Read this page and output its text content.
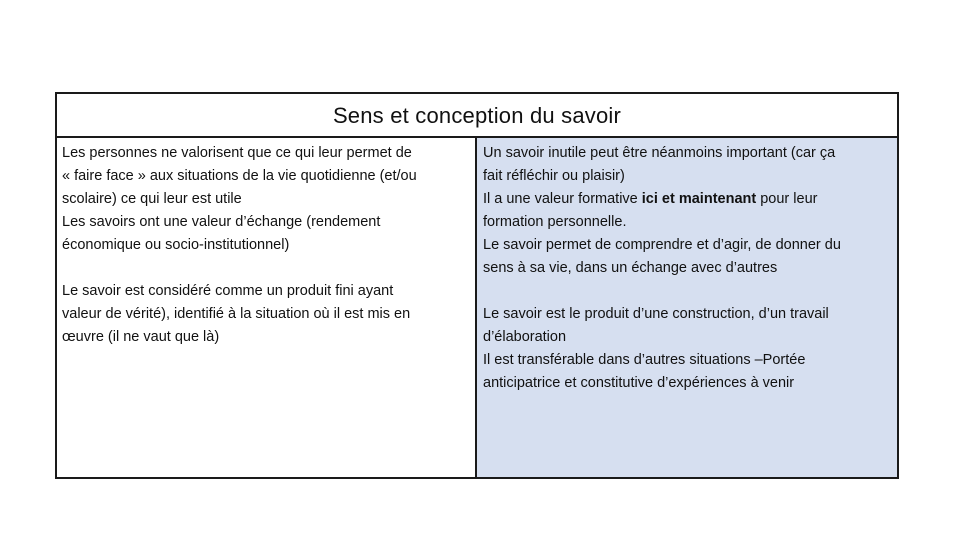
Sens et conception du savoir

Les personnes ne valorisent que ce qui leur permet de
« faire face » aux situations de la vie quotidienne (et/ou
scolaire) ce qui leur est utile
Les savoirs ont une valeur d’échange (rendement
économique ou socio-institutionnel)

Le savoir est considéré comme un produit fini ayant
valeur de vérité), identifié à la situation où il est mis en
œuvre (il ne vaut que là)

Un savoir inutile peut être néanmoins important (car ça
fait réfléchir ou plaisir)
Il a une valeur formative ici et maintenant pour leur
formation personnelle.
Le savoir permet de comprendre et d’agir, de donner du
sens à sa vie, dans un échange avec d’autres

Le savoir est le produit d’une construction, d’un travail
d’élaboration
Il est transférable dans d’autres situations –Portée
anticipatrice et constitutive d’expériences à venir
